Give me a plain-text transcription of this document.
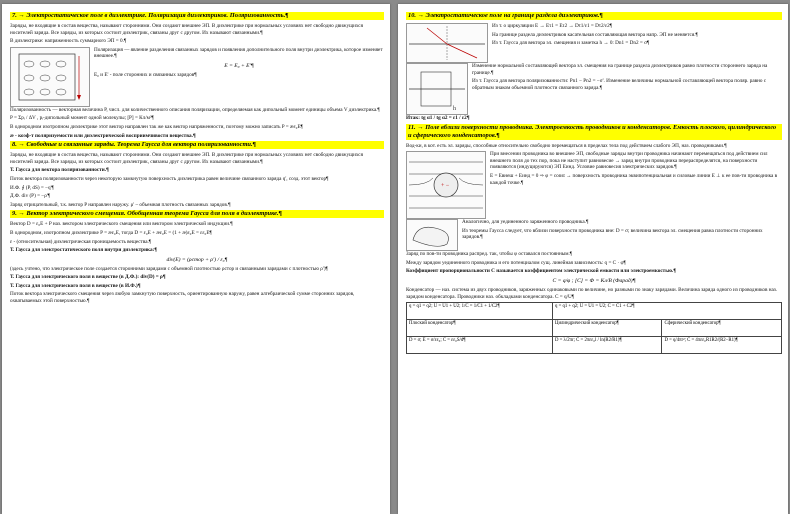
7. → Электростатическое поле в диэлектрике. Поляризация диэлектриков. Поляризованность.¶
Заряды, не входящие в состав вещества, называют сторонними. Они создают внешнее ЭП. В диэлектрике при нормальных условиях нет свободно движущихся носителей заряда. Все заряды, из которых состоит диэлектрик, связаны друг с другом. Их называют связанными.¶
В диэлектрике: напряженность суммарного ЭП = 0.¶
Поляризация — явление разделения связанных зарядов и появления дополнительного поля внутри диэлектрика, которое изменяет внешнее.¶
E = E₀ + E'¶
E₀ и E' - поле сторонних и связанных зарядов¶
Поляризованность — векторная величина P, числ. для количественного описания поляризации, определяемая как дипольный момент единицы объема V диэлектрика.¶
P = Σpᵢ / ΔV , pᵢ-дипольный момент одной молекулы; [P] = Кл/м²¶
В однородном изотропном диэлектрике этот вектор направлен так же как вектор напряженности, поэтому можно записать P = æε₀E¶
æ - коэф-т поляризуемости или диэлектрической восприимчивости вещества.¶
8. → Свободные и связанные заряды. Теорема Гаусса для вектора поляризованности.¶
Заряды, не входящие в состав вещества, называют сторонними. Они создают внешнее ЭП. В диэлектрике при нормальных условиях нет свободно движущихся носителей заряда. Все заряды, из которых состоит диэлектрик, связаны друг с другом. Их называют связанными.¶
Т. Гаусса для вектора поляризованности.¶
Поток вектора поляризованности через некоторую замкнутую поверхность диэлектрика равен величине связанного заряда q', созд. этот вектор¶
И.Ф. ∮ (P, dS) = −q'¶
Д.Ф. div (P) = −ρ'¶
Заряд отрицательный, т.к. вектор P направлен наружу. ρ' – объемная плотность связанных зарядов.¶
9. → Вектор электрического смещения. Обобщенная теорема Гаусса для поля в диэлектрике.¶
Вектор D = ε₀E + P наз. вектором электрического смещения или вектором электрической индукции.¶
В однородном, изотропном диэлектрике P = æε₀E, тогда D = ε₀E + æε₀E = (1 + æ)ε₀E = εε₀E¶
ε - (относительная) диэлектрическая проницаемость вещества.¶
Т. Гаусса для электростатического поля внутри диэлектрика:¶
div(E) = (ρстор + ρ') / ε₀¶
(здесь учтено, что электрическое поле создается сторонними зарядами с объемной плотностью ρстор и связанными зарядами с плотностью ρ')¶
Т. Гаусса для электрического поля в веществе (в Д.Ф.): div(D) = ρ¶
Т. Гаусса для электрического поля в веществе (в И.Ф.)¶
Поток вектора электрического смещения через любую замкнутую поверхность, ориентированную наружу, равен алгебраической сумме сторонних зарядов, охватываемых этой поверхностью.¶
10. → Электростатическое поле на границе раздела диэлектриков.¶
Из т. о циркуляции E → Eτ1 = Eτ2 → Dτ1/ε1 = Dτ2/ε2¶
На границе раздела диэлектриков касательная составляющая вектора напр. ЭП не меняется.¶
Из т. Гаусса для вектора эл. смещения и заметка h → 0: Dn1 = Dn2 = σ¶
h
Изменение нормальной составляющей вектора эл. смещения на границе раздела диэлектриков равно плотности стороннего заряда на границе.¶
Из т. Гаусса для вектора поляризованности: Pn1 − Pn2 = −σ'. Изменение величины нормальной составляющей вектора поляр. равно с обратным знаком объемной плотности связанного заряда.¶
Итак: tg α1 / tg α2 = ε1 / ε2¶
11. → Поле вблизи поверхности проводника. Электроемкость проводников и конденсаторов. Емкость плоского, цилиндрического и сферического конденсаторов.¶
Вод-ки, в кот. есть эл. заряды, способные относительно свободно перемещаться в пределах тела под действием слабого ЭП, наз. проводниками.¶
+ −
При внесении проводника во внешнее ЭП, свободные заряды внутри проводника начинают перемещаться под действием сил внешнего поля до тех пор, пока не наступит равновесие → заряд внутри проводника перераспределятся, на поверхности появляются (индуцируются) ЭП Eинд. Условие равновесия электрических зарядов.¶
E = Eвнеш + Eинд = 0 ⇒ φ = const → поверхность проводника эквипотенциальная и силовые линии E ⊥ к ее пов-ти проводника в каждой точке.¶
Аналогично, для уединенного заряженного проводника.¶
Из теоремы Гаусса следует, что вблизи поверхности проводника вне: D = σ; величина вектора эл. смещения равна плотности сторонних зарядов.¶
Заряд по пов-ти проводника распред. так, чтобы φ оставался постоянным.¶
Между зарядом уединенного проводника и его потенциалом сущ. линейная зависимость: q = C · φ¶
Коэффициент пропорциональности C называется коэффициентом электрической емкости или электроемкостью.¶
C = q/φ ; [C] = Ф = Кл/В (Фарад)¶
Конденсатор — наз. система из двух проводников, заряженных одинаковыми по величине, но разными по знаку зарядами. Величина заряда одного из проводников наз. зарядом конденсатора. Проводники наз. обкладками конденсатора. C = q/U¶
q = q1 = q2; U = U1 + U2; 1/C = 1/C1 + 1/C2¶	q = q1 + q2; U = U1 = U2; C = C1 + C2¶	
Плоский конденсатор¶	Цилиндрический конденсатор¶	Сферический конденсатор¶
D = σ; E = σ/εε₀; C = εε₀S/d¶	D = λ/2πr; C = 2πεε₀l / ln(R2/R1)¶	D = q/4πr²; C = 4πεε₀R1R2/(R2−R1)¶
